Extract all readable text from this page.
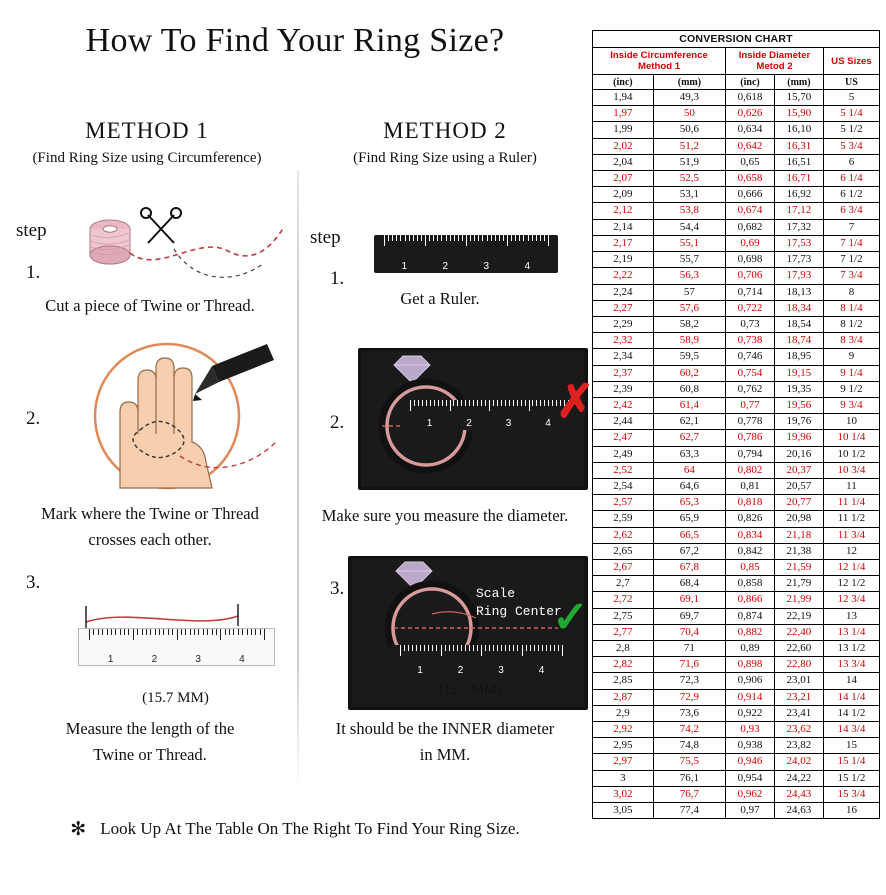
How To Find Your Ring Size?
METHOD 1
(Find Ring Size using Circumference)
METHOD 2
(Find Ring Size using a Ruler)
step
1.
Cut a piece of Twine or Thread.
2.
Mark where the Twine or Thread
crosses each other.
3.
1	2	3	4
(15.7 MM)
Measure the length of the
Twine or Thread.
step
1.
1	2	3	4
Get a Ruler.
2.	1	2	3	4 ✗
Make sure you measure the diameter.
3.	Scale
Ring Center
1	2	3	4
✓
(15.7 MM)
It should be the INNER diameter
in MM.
✻ Look Up At The Table On The Right To Find Your Ring Size.
CONVERSION CHART				
Inside Circumference
Method 1		Inside Diameter
Metod 2		US Sizes
(inc)	(mm)	(inc)	(mm)	US
1,94	49,3	0,618	15,70	5
1,97	50	0,626	15,90	5 1/4
1,99	50,6	0,634	16,10	5 1/2
2,02	51,2	0,642	16,31	5 3/4
2,04	51,9	0,65	16,51	6
2,07	52,5	0,658	16,71	6 1/4
2,09	53,1	0,666	16,92	6 1/2
2,12	53,8	0,674	17,12	6 3/4
2,14	54,4	0,682	17,32	7
2,17	55,1	0,69	17,53	7 1/4
2,19	55,7	0,698	17,73	7 1/2
2,22	56,3	0,706	17,93	7 3/4
2,24	57	0,714	18,13	8
2,27	57,6	0,722	18,34	8 1/4
2,29	58,2	0,73	18,54	8 1/2
2,32	58,9	0,738	18,74	8 3/4
2,34	59,5	0,746	18,95	9
2,37	60,2	0,754	19,15	9 1/4
2,39	60,8	0,762	19,35	9 1/2
2,42	61,4	0,77	19,56	9 3/4
2,44	62,1	0,778	19,76	10
2,47	62,7	0,786	19,96	10 1/4
2,49	63,3	0,794	20,16	10 1/2
2,52	64	0,802	20,37	10 3/4
2,54	64,6	0,81	20,57	11
2,57	65,3	0,818	20,77	11 1/4
2,59	65,9	0,826	20,98	11 1/2
2,62	66,5	0,834	21,18	11 3/4
2,65	67,2	0,842	21,38	12
2,67	67,8	0,85	21,59	12 1/4
2,7	68,4	0,858	21,79	12 1/2
2,72	69,1	0,866	21,99	12 3/4
2,75	69,7	0,874	22,19	13
2,77	70,4	0,882	22,40	13 1/4
2,8	71	0,89	22,60	13 1/2
2,82	71,6	0,898	22,80	13 3/4
2,85	72,3	0,906	23,01	14
2,87	72,9	0,914	23,21	14 1/4
2,9	73,6	0,922	23,41	14 1/2
2,92	74,2	0,93	23,62	14 3/4
2,95	74,8	0,938	23,82	15
2,97	75,5	0,946	24,02	15 1/4
3	76,1	0,954	24,22	15 1/2
3,02	76,7	0,962	24,43	15 3/4
3,05	77,4	0,97	24,63	16
